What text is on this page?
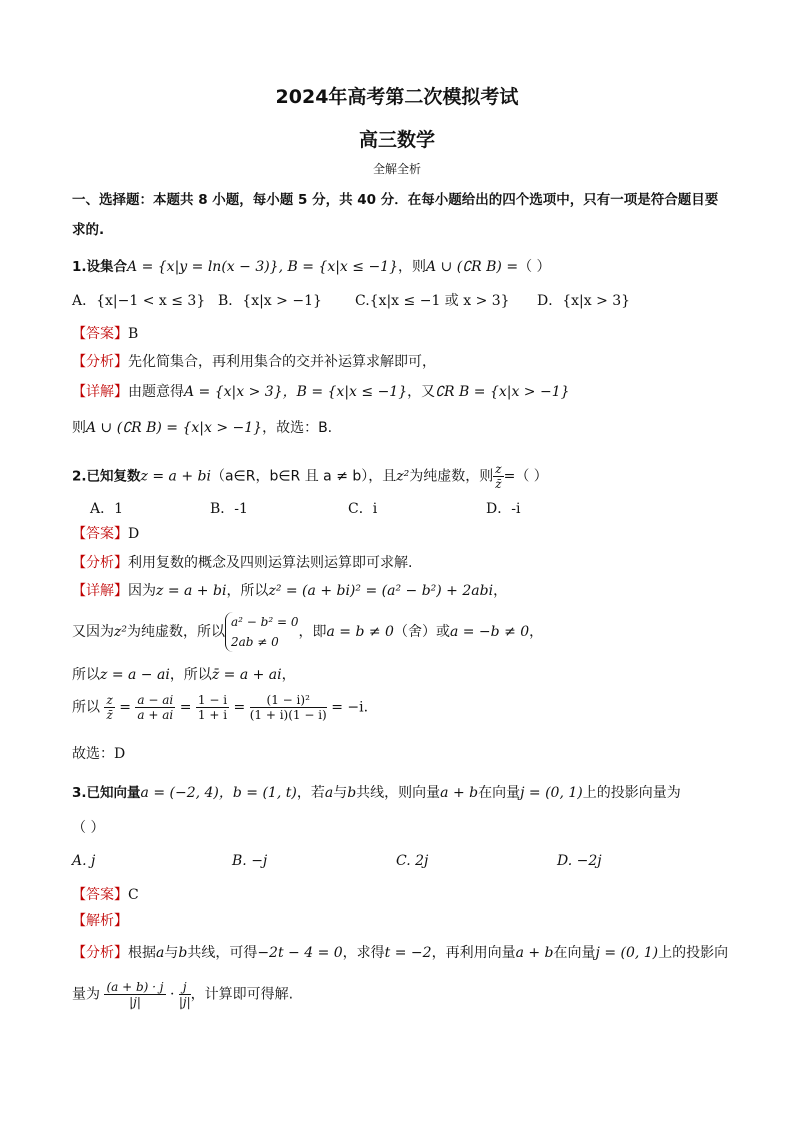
2024年高考第二次模拟考试
高三数学
全解全析
一、选择题：本题共 8 小题，每小题 5 分，共 40 分．在每小题给出的四个选项中，只有一项是符合题目要
求的.
1.设集合A = {x|y = ln(x − 3)}, B = {x|x ≤ −1}，则A ∪ (∁R B) =（ ）
A．{x|−1 < x ≤ 3} B．{x|x > −1} C.{x|x ≤ −1 或 x > 3} D．{x|x > 3}
【答案】B
【分析】先化简集合，再利用集合的交并补运算求解即可，
【详解】由题意得A = {x|x > 3}，B = {x|x ≤ −1}，又∁R B = {x|x > −1}
则A ∪ (∁R B) = {x|x > −1}，故选：B.
2.已知复数z = a + bi（a∈R，b∈R 且 a ≠ b），且z²为纯虚数，则 $\frac{z}{z̄}$ =（ ）
A．1	B．-1	C．i	D．-i
【答案】D
【分析】利用复数的概念及四则运算法则运算即可求解.
【详解】因为z = a + bi，所以z² = (a + bi)² = (a² − b²) + 2abi，
又因为z²为纯虚数，所以
a² − b² = 0
2ab ≠ 0
，即a = b ≠ 0（舍）或a = −b ≠ 0，
所以z = a − ai，所以z̄ = a + ai，
所以 $\frac{z}{z̄} = \frac{a - ai}{a + ai} = \frac{1 - i}{1 + i} = \frac{\text{(1 − i)²}}{(1 + i)(1 - i)} = -i$.
故选：D
3.已知向量a = (−2, 4)，b = (1, t)，若a与b共线，则向量a + b在向量j = (0, 1)上的投影向量为
（ ）
A. j	B. −j	C. 2j	D. −2j
【答案】C
【解析】
【分析】根据a与b共线，可得−2t − 4 = 0，求得t = −2，再利用向量a + b在向量j = (0, 1)上的投影向
量为 $\frac{(a + b) \cdot j}{|j|} \cdot \frac{j}{|j|}$ ，计算即可得解.
